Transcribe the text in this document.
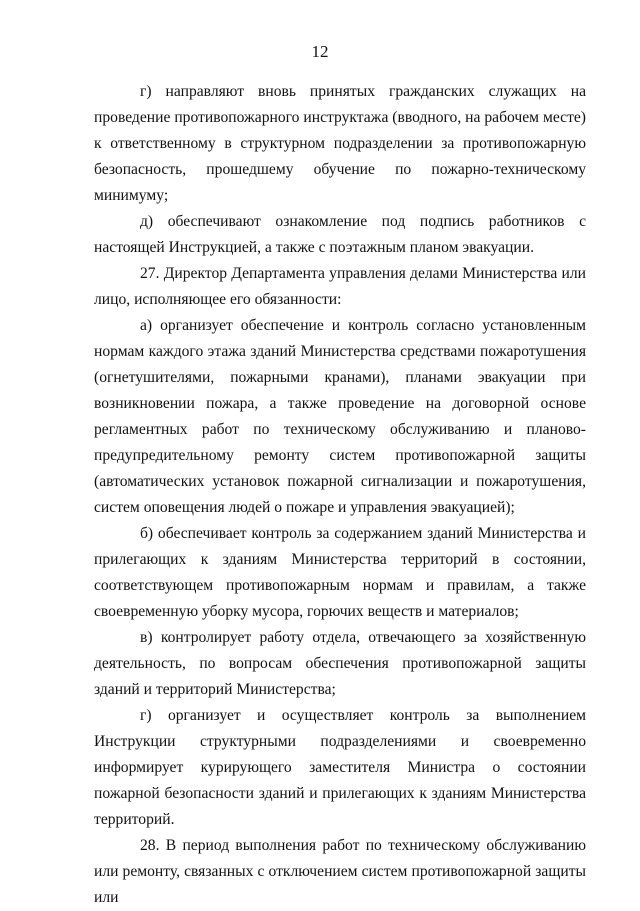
12

г) направляют вновь принятых гражданских служащих на проведение противопожарного инструктажа (вводного, на рабочем месте) к ответственному в структурном подразделении за противопожарную безопасность, прошедшему обучение по пожарно-техническому минимуму;

д) обеспечивают ознакомление под подпись работников с настоящей Инструкцией, а также с поэтажным планом эвакуации.

27. Директор Департамента управления делами Министерства или лицо, исполняющее его обязанности:

а) организует обеспечение и контроль согласно установленным нормам каждого этажа зданий Министерства средствами пожаротушения (огнетушителями, пожарными кранами), планами эвакуации при возникновении пожара, а также проведение на договорной основе регламентных работ по техническому обслуживанию и планово-предупредительному ремонту систем противопожарной защиты (автоматических установок пожарной сигнализации и пожаротушения, систем оповещения людей о пожаре и управления эвакуацией);

б) обеспечивает контроль за содержанием зданий Министерства и прилегающих к зданиям Министерства территорий в состоянии, соответствующем противопожарным нормам и правилам, а также своевременную уборку мусора, горючих веществ и материалов;

в) контролирует работу отдела, отвечающего за хозяйственную деятельность, по вопросам обеспечения противопожарной защиты зданий и территорий Министерства;

г) организует и осуществляет контроль за выполнением Инструкции структурными подразделениями и своевременно информирует курирующего заместителя Министра о состоянии пожарной безопасности зданий и прилегающих к зданиям Министерства территорий.

28. В период выполнения работ по техническому обслуживанию или ремонту, связанных с отключением систем противопожарной защиты или
